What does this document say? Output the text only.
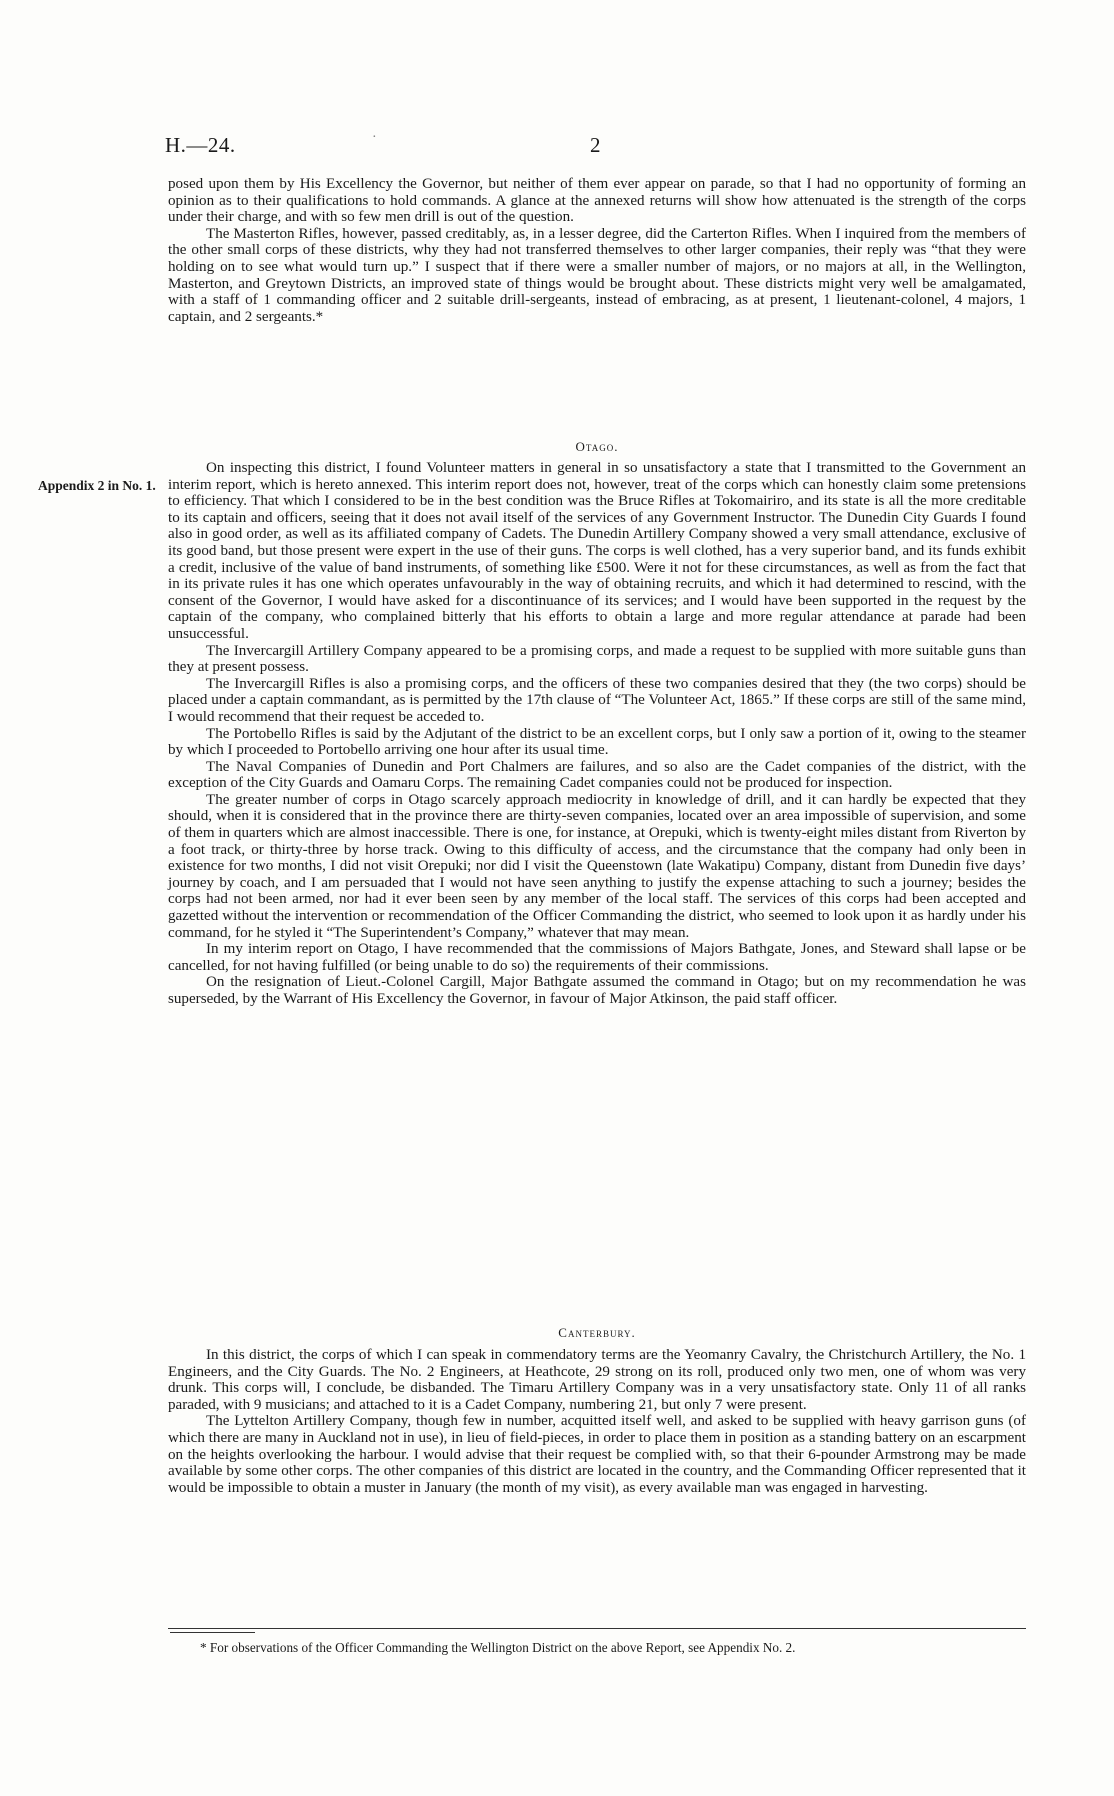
H.—24.	·	2

posed upon them by His Excellency the Governor, but neither of them ever appear on parade, so that I had no opportunity of forming an opinion as to their qualifications to hold commands. A glance at the annexed returns will show how attenuated is the strength of the corps under their charge, and with so few men drill is out of the question.

The Masterton Rifles, however, passed creditably, as, in a lesser degree, did the Carterton Rifles. When I inquired from the members of the other small corps of these districts, why they had not transferred themselves to other larger companies, their reply was “that they were holding on to see what would turn up.” I suspect that if there were a smaller number of majors, or no majors at all, in the Wellington, Masterton, and Greytown Districts, an improved state of things would be brought about. These districts might very well be amalgamated, with a staff of 1 commanding officer and 2 suitable drill-sergeants, instead of embracing, as at present, 1 lieutenant-colonel, 4 majors, 1 captain, and 2 sergeants.*

Otago.
Appendix 2 in No. 1.

On inspecting this district, I found Volunteer matters in general in so unsatisfactory a state that I transmitted to the Government an interim report, which is hereto annexed. This interim report does not, however, treat of the corps which can honestly claim some pretensions to efficiency. That which I considered to be in the best condition was the Bruce Rifles at Tokomairiro, and its state is all the more creditable to its captain and officers, seeing that it does not avail itself of the services of any Government Instructor. The Dunedin City Guards I found also in good order, as well as its affiliated company of Cadets. The Dunedin Artillery Company showed a very small attendance, exclusive of its good band, but those present were expert in the use of their guns. The corps is well clothed, has a very superior band, and its funds exhibit a credit, inclusive of the value of band instruments, of something like £500. Were it not for these circumstances, as well as from the fact that in its private rules it has one which operates unfavourably in the way of obtaining recruits, and which it had determined to rescind, with the consent of the Governor, I would have asked for a discontinuance of its services; and I would have been supported in the request by the captain of the company, who complained bitterly that his efforts to obtain a large and more regular attendance at parade had been unsuccessful.

The Invercargill Artillery Company appeared to be a promising corps, and made a request to be supplied with more suitable guns than they at present possess.

The Invercargill Rifles is also a promising corps, and the officers of these two companies desired that they (the two corps) should be placed under a captain commandant, as is permitted by the 17th clause of “The Volunteer Act, 1865.” If these corps are still of the same mind, I would recommend that their request be acceded to.

The Portobello Rifles is said by the Adjutant of the district to be an excellent corps, but I only saw a portion of it, owing to the steamer by which I proceeded to Portobello arriving one hour after its usual time.

The Naval Companies of Dunedin and Port Chalmers are failures, and so also are the Cadet companies of the district, with the exception of the City Guards and Oamaru Corps. The remaining Cadet companies could not be produced for inspection.

The greater number of corps in Otago scarcely approach mediocrity in knowledge of drill, and it can hardly be expected that they should, when it is considered that in the province there are thirty-seven companies, located over an area impossible of supervision, and some of them in quarters which are almost inaccessible. There is one, for instance, at Orepuki, which is twenty-eight miles distant from Riverton by a foot track, or thirty-three by horse track. Owing to this difficulty of access, and the circumstance that the company had only been in existence for two months, I did not visit Orepuki; nor did I visit the Queenstown (late Wakatipu) Company, distant from Dunedin five days’ journey by coach, and I am persuaded that I would not have seen anything to justify the expense attaching to such a journey; besides the corps had not been armed, nor had it ever been seen by any member of the local staff. The services of this corps had been accepted and gazetted without the intervention or recommendation of the Officer Commanding the district, who seemed to look upon it as hardly under his command, for he styled it “The Superintendent’s Company,” whatever that may mean.

In my interim report on Otago, I have recommended that the commissions of Majors Bathgate, Jones, and Steward shall lapse or be cancelled, for not having fulfilled (or being unable to do so) the requirements of their commissions.

On the resignation of Lieut.-Colonel Cargill, Major Bathgate assumed the command in Otago; but on my recommendation he was superseded, by the Warrant of His Excellency the Governor, in favour of Major Atkinson, the paid staff officer.

Canterbury.

In this district, the corps of which I can speak in commendatory terms are the Yeomanry Cavalry, the Christchurch Artillery, the No. 1 Engineers, and the City Guards. The No. 2 Engineers, at Heathcote, 29 strong on its roll, produced only two men, one of whom was very drunk. This corps will, I conclude, be disbanded. The Timaru Artillery Company was in a very unsatisfactory state. Only 11 of all ranks paraded, with 9 musicians; and attached to it is a Cadet Company, numbering 21, but only 7 were present.

The Lyttelton Artillery Company, though few in number, acquitted itself well, and asked to be supplied with heavy garrison guns (of which there are many in Auckland not in use), in lieu of field-pieces, in order to place them in position as a standing battery on an escarpment on the heights overlooking the harbour. I would advise that their request be complied with, so that their 6-pounder Armstrong may be made available by some other corps. The other companies of this district are located in the country, and the Commanding Officer represented that it would be impossible to obtain a muster in January (the month of my visit), as every available man was engaged in harvesting.

* For observations of the Officer Commanding the Wellington District on the above Report, see Appendix No. 2.
